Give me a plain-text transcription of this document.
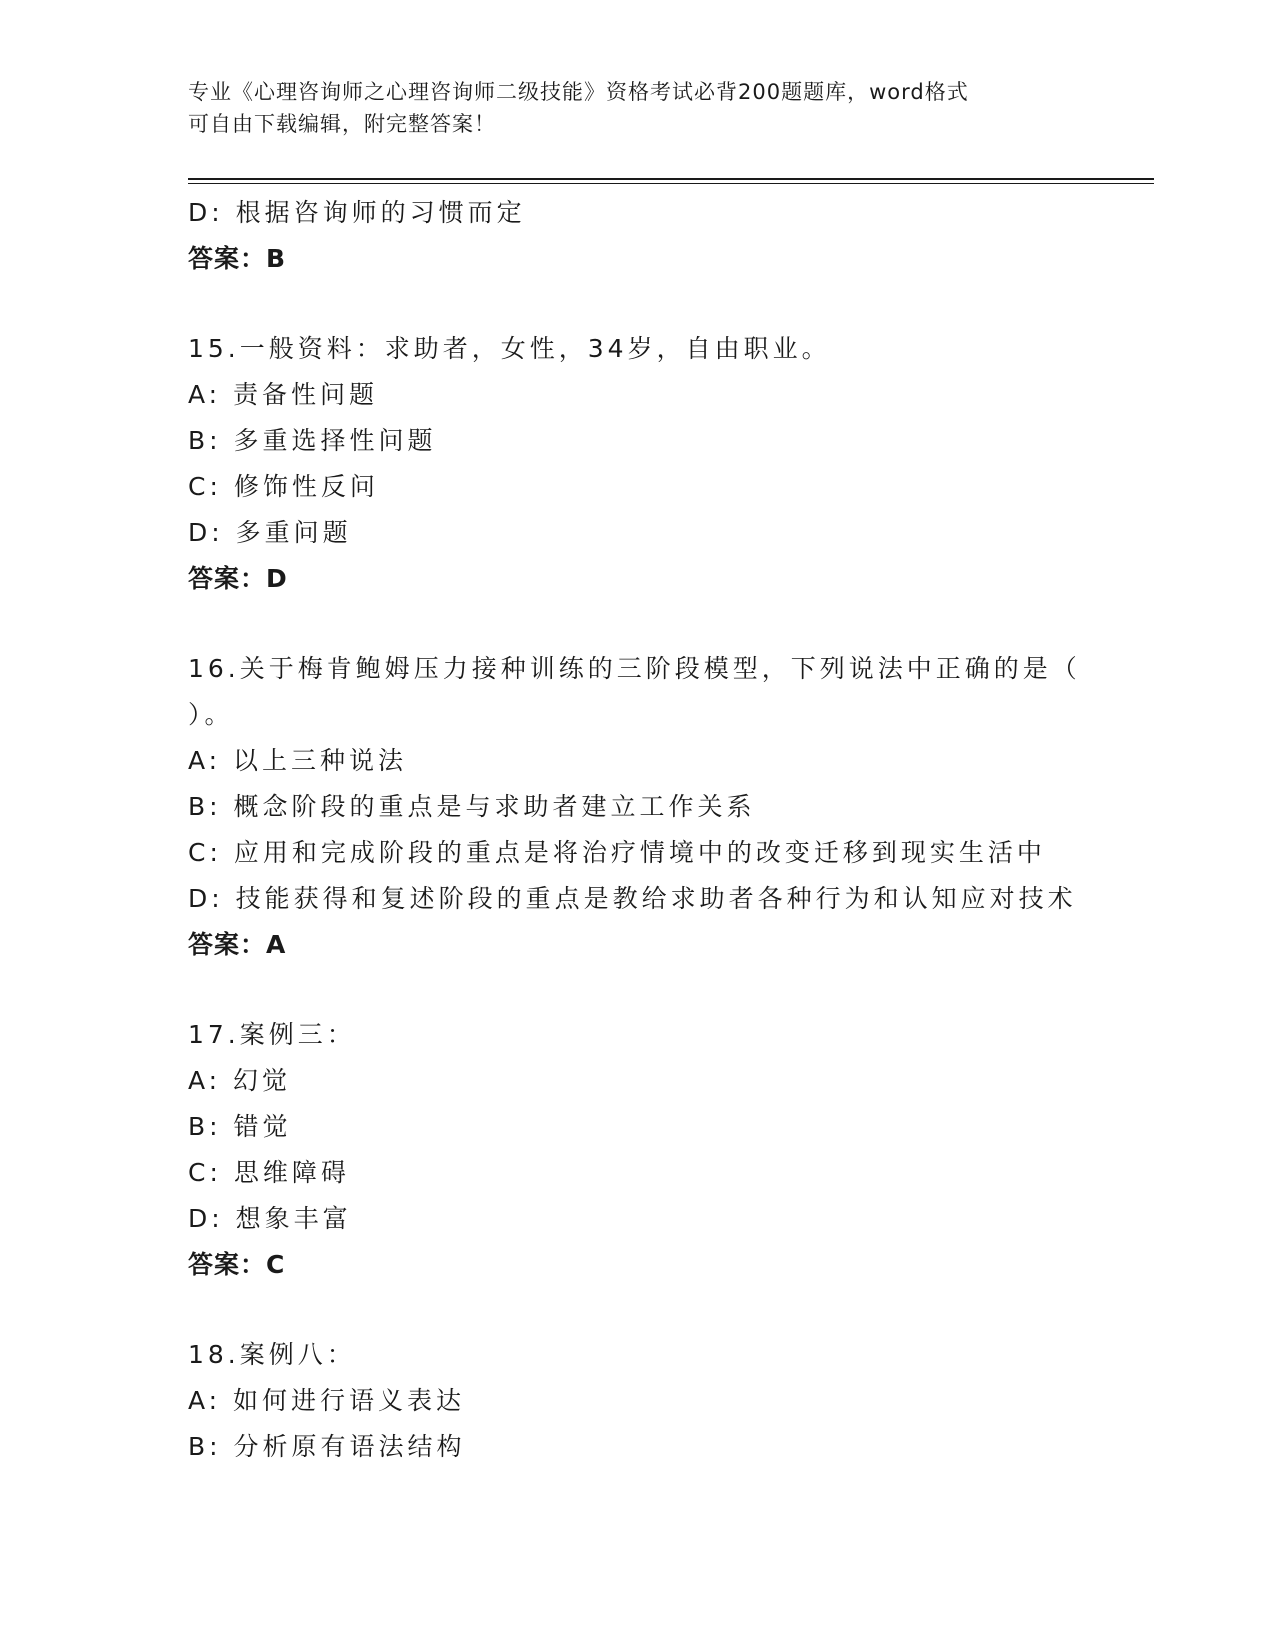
专业《心理咨询师之心理咨询师二级技能》资格考试必背200题题库，word格式
可自由下载编辑，附完整答案！
D: 根据咨询师的习惯而定
答案：B
15.一般资料：求助者，女性，34岁，自由职业。
A: 责备性问题
B: 多重选择性问题
C: 修饰性反问
D: 多重问题
答案：D
16.关于梅肯鲍姆压力接种训练的三阶段模型，下列说法中正确的是（
）。
A: 以上三种说法
B: 概念阶段的重点是与求助者建立工作关系
C: 应用和完成阶段的重点是将治疗情境中的改变迁移到现实生活中
D: 技能获得和复述阶段的重点是教给求助者各种行为和认知应对技术
答案：A
17.案例三：
A: 幻觉
B: 错觉
C: 思维障碍
D: 想象丰富
答案：C
18.案例八：
A: 如何进行语义表达
B: 分析原有语法结构
